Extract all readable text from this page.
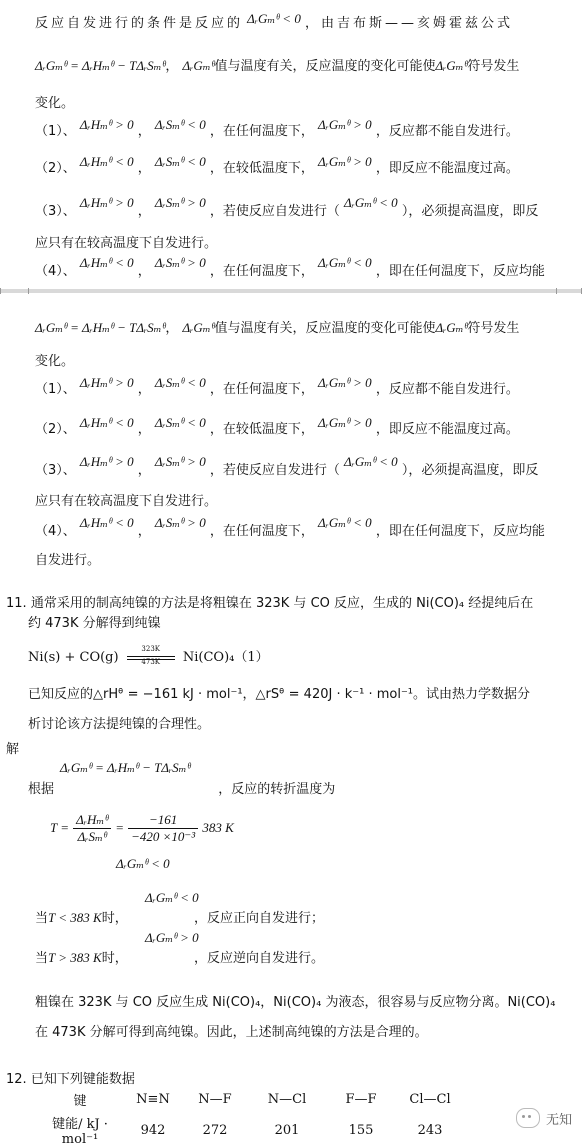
反应自发进行的条件是反应的 ΔᵣGₘᶿ < 0 ，由吉布斯——亥姆霍兹公式
ΔᵣGₘᶿ = ΔᵣHₘᶿ − TΔᵣSₘᶿ， ΔᵣGₘᶿ值与温度有关，反应温度的变化可能使ΔᵣGₘᶿ符号发生
变化。
（1）、 ΔᵣHₘᶿ > 0 ， ΔᵣSₘᶿ < 0 ，在任何温度下， ΔᵣGₘᶿ > 0 ，反应都不能自发进行。
（2）、 ΔᵣHₘᶿ < 0 ， ΔᵣSₘᶿ < 0 ，在较低温度下， ΔᵣGₘᶿ > 0 ，即反应不能温度过高。
（3）、 ΔᵣHₘᶿ > 0 ， ΔᵣSₘᶿ > 0 ，若使反应自发进行（ ΔᵣGₘᶿ < 0 ），必须提高温度，即反
应只有在较高温度下自发进行。
（4）、 ΔᵣHₘᶿ < 0 ， ΔᵣSₘᶿ > 0 ，在任何温度下， ΔᵣGₘᶿ < 0 ，即在任何温度下，反应均能
ΔᵣGₘᶿ = ΔᵣHₘᶿ − TΔᵣSₘᶿ， ΔᵣGₘᶿ值与温度有关，反应温度的变化可能使ΔᵣGₘᶿ符号发生
变化。
（1）、 ΔᵣHₘᶿ > 0 ， ΔᵣSₘᶿ < 0 ，在任何温度下， ΔᵣGₘᶿ > 0 ，反应都不能自发进行。
（2）、 ΔᵣHₘᶿ < 0 ， ΔᵣSₘᶿ < 0 ，在较低温度下， ΔᵣGₘᶿ > 0 ，即反应不能温度过高。
（3）、 ΔᵣHₘᶿ > 0 ， ΔᵣSₘᶿ > 0 ，若使反应自发进行（ ΔᵣGₘᶿ < 0 ），必须提高温度，即反
应只有在较高温度下自发进行。
（4）、 ΔᵣHₘᶿ < 0 ， ΔᵣSₘᶿ > 0 ，在任何温度下， ΔᵣGₘᶿ < 0 ，即在任何温度下，反应均能
自发进行。
11. 通常采用的制高纯镍的方法是将粗镍在 323K 与 CO 反应，生成的 Ni(CO)₄ 经提纯后在
约 473K 分解得到纯镍
$Ni(s) + CO(g) \frac{323K}{473K} Ni(CO)_4(1)$
已知反应的△rHᶿ = −161 kJ · mol⁻¹，△rSᶿ = 420J · k⁻¹ · mol⁻¹。试由热力学数据分
析讨论该方法提纯镍的合理性。
解
ΔᵣGₘᶿ = ΔᵣHₘᶿ − TΔᵣSₘᶿ
根据	，反应的转折温度为
$T = \frac{\text{ΔᵣHₘᶿ}}{\text{ΔᵣSₘᶿ}} = \frac{-161}{\text{−420 ×10⁻³}} 383$ K
ΔᵣGₘᶿ < 0
ΔᵣGₘᶿ < 0
当T < 383 K时，	，反应正向自发进行；
ΔᵣGₘᶿ > 0
当T > 383 K时，	，反应逆向自发进行。
粗镍在 323K 与 CO 反应生成 Ni(CO)₄，Ni(CO)₄ 为液态，很容易与反应物分离。Ni(CO)₄
在 473K 分解可得到高纯镍。因此，上述制高纯镍的方法是合理的。
12. 已知下列键能数据
键	N≡N	N—F	N—Cl	F—F	Cl—Cl
键能/ kJ · mol⁻¹	942	272	201	155	243
无知
